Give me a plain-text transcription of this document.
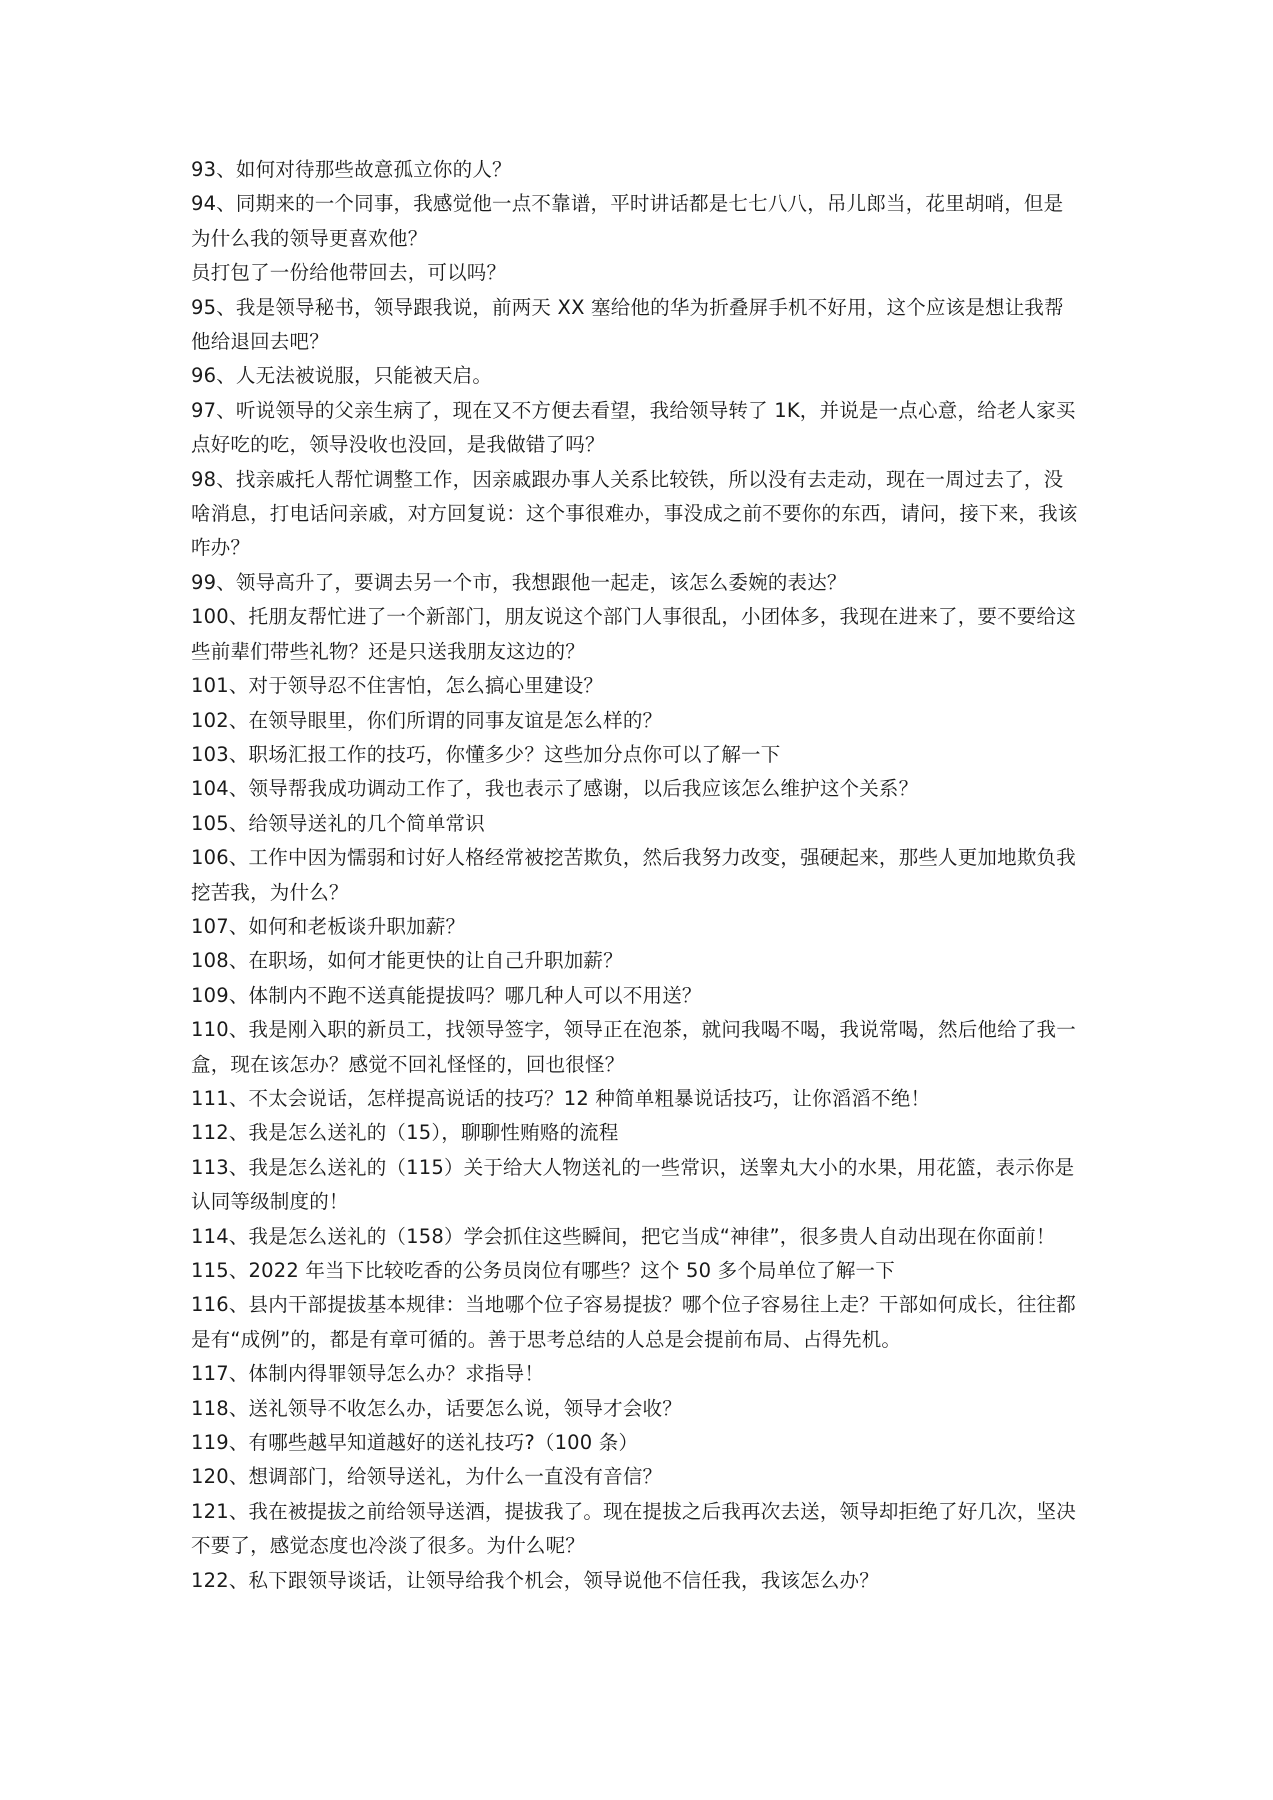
93、如何对待那些故意孤立你的人？

94、同期来的一个同事，我感觉他一点不靠谱，平时讲话都是七七八八，吊儿郎当，花里胡哨，但是为什么我的领导更喜欢他？

员打包了一份给他带回去，可以吗？

95、我是领导秘书，领导跟我说，前两天 XX 塞给他的华为折叠屏手机不好用，这个应该是想让我帮他给退回去吧？

96、人无法被说服，只能被天启。

97、听说领导的父亲生病了，现在又不方便去看望，我给领导转了 1K，并说是一点心意，给老人家买点好吃的吃，领导没收也没回，是我做错了吗？

98、找亲戚托人帮忙调整工作，因亲戚跟办事人关系比较铁，所以没有去走动，现在一周过去了，没啥消息，打电话问亲戚，对方回复说：这个事很难办，事没成之前不要你的东西，请问，接下来，我该咋办？

99、领导高升了，要调去另一个市，我想跟他一起走，该怎么委婉的表达？

100、托朋友帮忙进了一个新部门，朋友说这个部门人事很乱，小团体多，我现在进来了，要不要给这些前辈们带些礼物？还是只送我朋友这边的？

101、对于领导忍不住害怕，怎么搞心里建设？

102、在领导眼里，你们所谓的同事友谊是怎么样的？

103、职场汇报工作的技巧，你懂多少？这些加分点你可以了解一下

104、领导帮我成功调动工作了，我也表示了感谢，以后我应该怎么维护这个关系？

105、给领导送礼的几个简单常识

106、工作中因为懦弱和讨好人格经常被挖苦欺负，然后我努力改变，强硬起来，那些人更加地欺负我挖苦我，为什么？

107、如何和老板谈升职加薪？

108、在职场，如何才能更快的让自己升职加薪？

109、体制内不跑不送真能提拔吗？哪几种人可以不用送？

110、我是刚入职的新员工，找领导签字，领导正在泡茶，就问我喝不喝，我说常喝，然后他给了我一盒，现在该怎办？感觉不回礼怪怪的，回也很怪？

111、不太会说话，怎样提高说话的技巧？12 种简单粗暴说话技巧，让你滔滔不绝！

112、我是怎么送礼的（15），聊聊性贿赂的流程

113、我是怎么送礼的（115）关于给大人物送礼的一些常识，送睾丸大小的水果，用花篮，表示你是认同等级制度的！

114、我是怎么送礼的（158）学会抓住这些瞬间，把它当成“神律”，很多贵人自动出现在你面前！

115、2022 年当下比较吃香的公务员岗位有哪些？这个 50 多个局单位了解一下

116、县内干部提拔基本规律：当地哪个位子容易提拔？哪个位子容易往上走？干部如何成长，往往都是有“成例”的，都是有章可循的。善于思考总结的人总是会提前布局、占得先机。

117、体制内得罪领导怎么办？求指导！

118、送礼领导不收怎么办，话要怎么说，领导才会收？

119、有哪些越早知道越好的送礼技巧?（100 条）

120、想调部门，给领导送礼，为什么一直没有音信？

121、我在被提拔之前给领导送酒，提拔我了。现在提拔之后我再次去送，领导却拒绝了好几次，坚决不要了，感觉态度也冷淡了很多。为什么呢？

122、私下跟领导谈话，让领导给我个机会，领导说他不信任我，我该怎么办？
